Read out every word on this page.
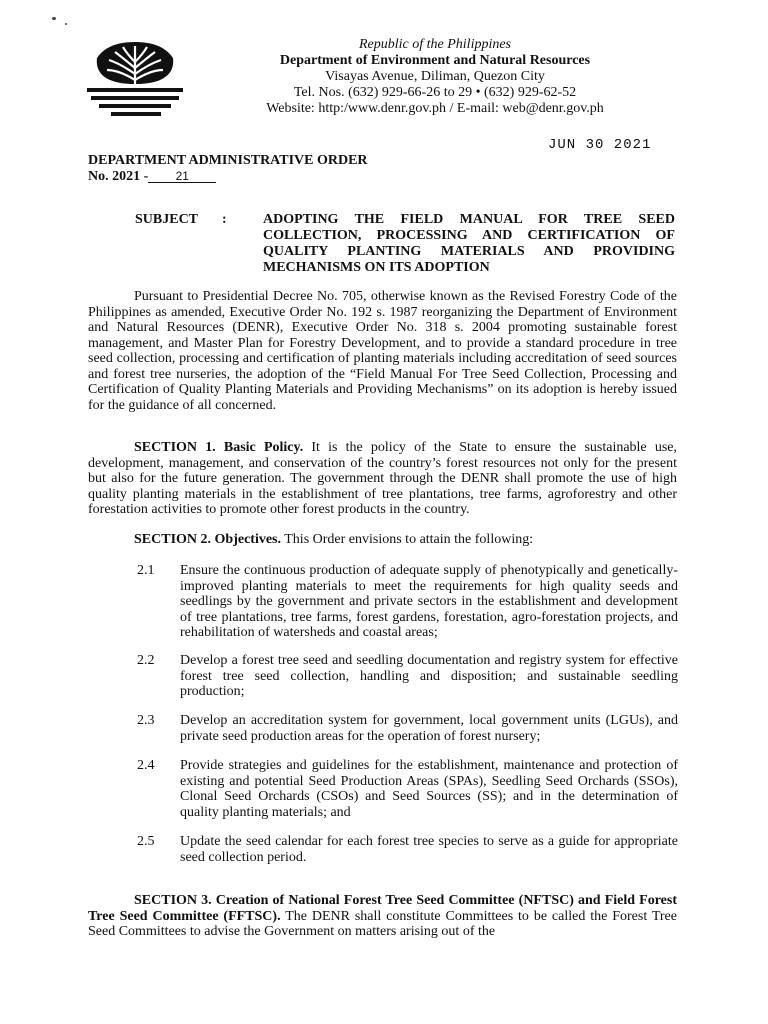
Republic of the Philippines
Department of Environment and Natural Resources
Visayas Avenue, Diliman, Quezon City
Tel. Nos. (632) 929-66-26 to 29 • (632) 929-62-52
Website: http:/www.denr.gov.ph / E-mail: web@denr.gov.ph
JUN 30 2021
DEPARTMENT ADMINISTRATIVE ORDER
No. 2021 - 21
SUBJECT :	ADOPTING THE FIELD MANUAL FOR TREE SEED COLLECTION, PROCESSING AND CERTIFICATION OF QUALITY PLANTING MATERIALS AND PROVIDING MECHANISMS ON ITS ADOPTION
Pursuant to Presidential Decree No. 705, otherwise known as the Revised Forestry Code of the Philippines as amended, Executive Order No. 192 s. 1987 reorganizing the Department of Environment and Natural Resources (DENR), Executive Order No. 318 s. 2004 promoting sustainable forest management, and Master Plan for Forestry Development, and to provide a standard procedure in tree seed collection, processing and certification of planting materials including accreditation of seed sources and forest tree nurseries, the adoption of the “Field Manual For Tree Seed Collection, Processing and Certification of Quality Planting Materials and Providing Mechanisms” on its adoption is hereby issued for the guidance of all concerned.
SECTION 1. Basic Policy. It is the policy of the State to ensure the sustainable use, development, management, and conservation of the country’s forest resources not only for the present but also for the future generation. The government through the DENR shall promote the use of high quality planting materials in the establishment of tree plantations, tree farms, agroforestry and other forestation activities to promote other forest products in the country.
SECTION 2. Objectives. This Order envisions to attain the following:
2.1 Ensure the continuous production of adequate supply of phenotypically and genetically-improved planting materials to meet the requirements for high quality seeds and seedlings by the government and private sectors in the establishment and development of tree plantations, tree farms, forest gardens, forestation, agro-forestation projects, and rehabilitation of watersheds and coastal areas;
2.2 Develop a forest tree seed and seedling documentation and registry system for effective forest tree seed collection, handling and disposition; and sustainable seedling production;
2.3 Develop an accreditation system for government, local government units (LGUs), and private seed production areas for the operation of forest nursery;
2.4 Provide strategies and guidelines for the establishment, maintenance and protection of existing and potential Seed Production Areas (SPAs), Seedling Seed Orchards (SSOs), Clonal Seed Orchards (CSOs) and Seed Sources (SS); and in the determination of quality planting materials; and
2.5 Update the seed calendar for each forest tree species to serve as a guide for appropriate seed collection period.
SECTION 3. Creation of National Forest Tree Seed Committee (NFTSC) and Field Forest Tree Seed Committee (FFTSC). The DENR shall constitute Committees to be called the Forest Tree Seed Committees to advise the Government on matters arising out of the
